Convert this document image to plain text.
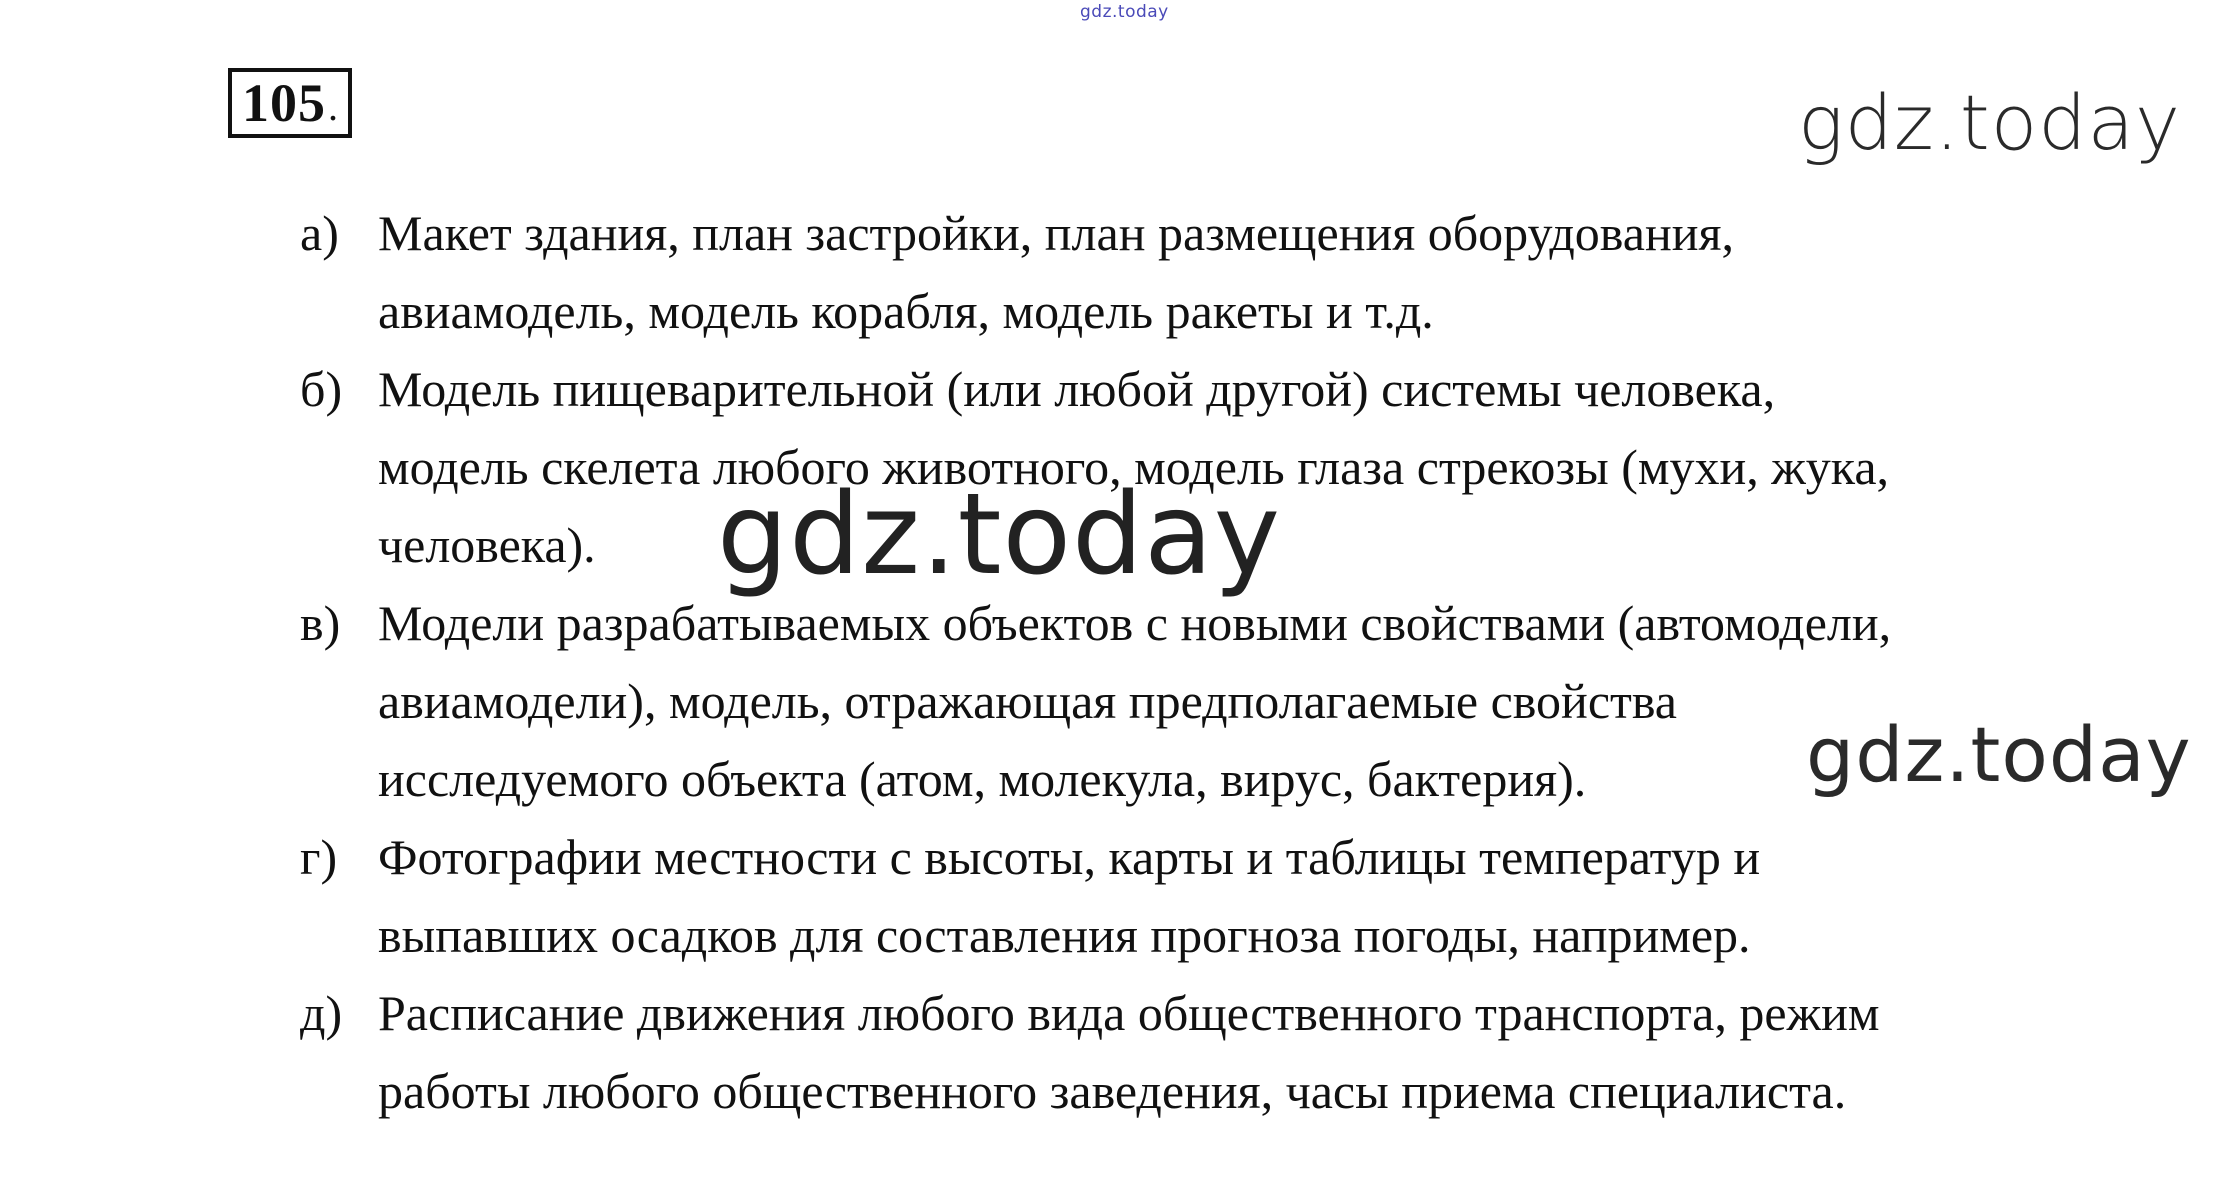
gdz.today
105 .	gdz.today
а) Макет здания, план застройки, план размещения оборудования,
авиамодель, модель корабля, модель ракеты и т.д.
б) Модель пищеварительной (или любой другой) системы человека,
модель скелета любого животного, модель глаза стрекозы (мухи, жука,
человека).
в) Модели разрабатываемых объектов с новыми свойствами (автомодели,
авиамодели), модель, отражающая предполагаемые свойства
исследуемого объекта (атом, молекула, вирус, бактерия).
г) Фотографии местности с высоты, карты и таблицы температур и
выпавших осадков для составления прогноза погоды, например.
д) Расписание движения любого вида общественного транспорта, режим
работы любого общественного заведения, часы приема специалиста.
gdz.today
gdz.today
